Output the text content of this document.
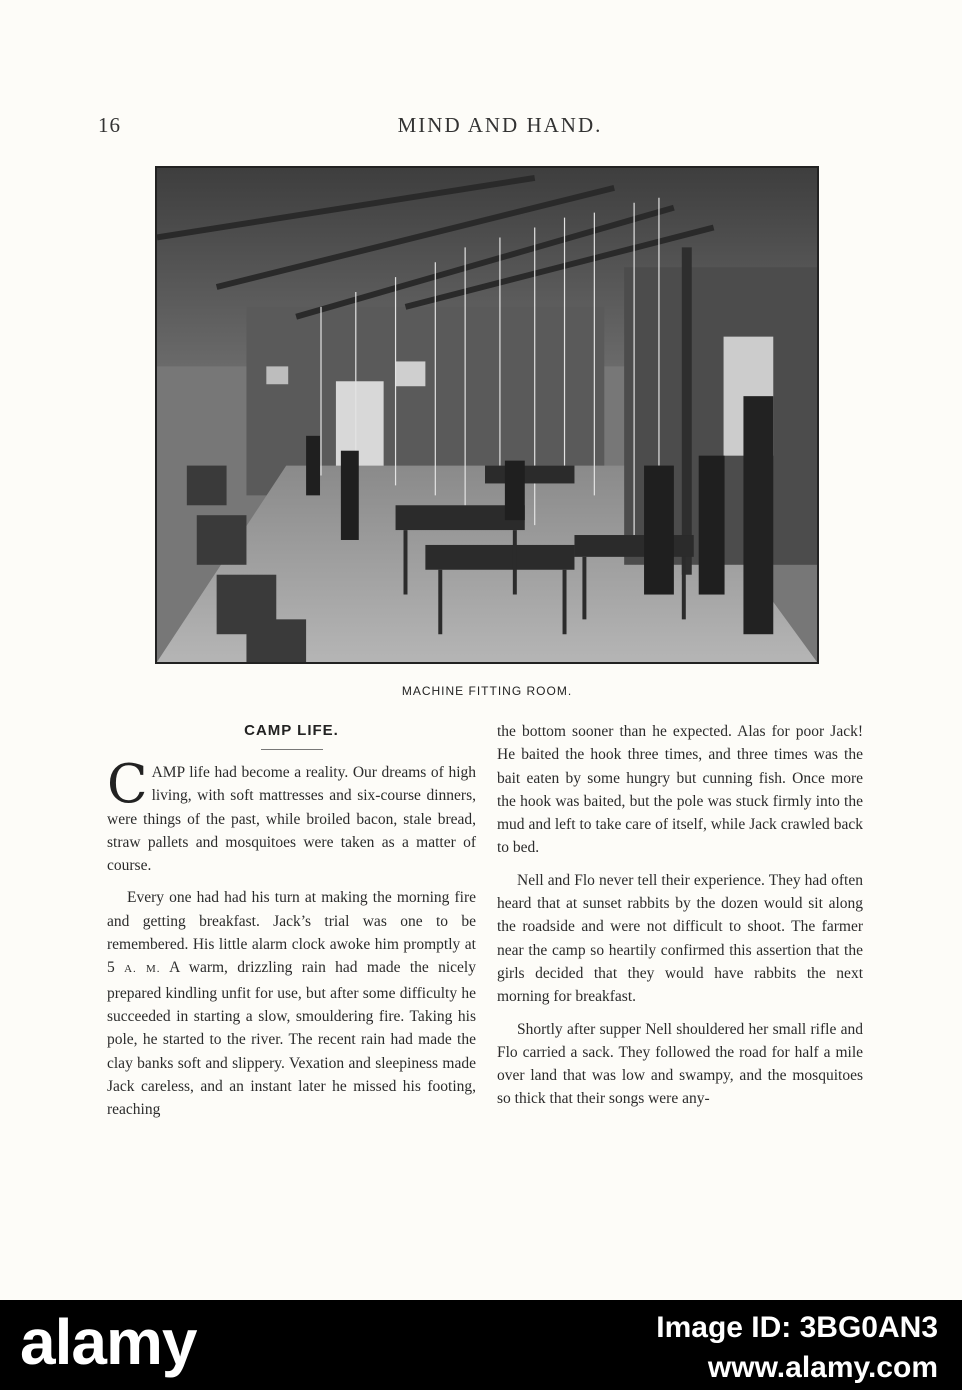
16	MIND AND HAND.
MACHINE FITTING ROOM.
CAMP LIFE.

CAMP life had become a reality. Our dreams of high living, with soft mattresses and six-course dinners, were things of the past, while broiled bacon, stale bread, straw pallets and mosquitoes were taken as a matter of course.

Every one had had his turn at making the morning fire and getting breakfast. Jack’s trial was one to be remembered. His little alarm clock awoke him promptly at 5 A. M. A warm, drizzling rain had made the nicely prepared kindling unfit for use, but after some difficulty he succeeded in starting a slow, smouldering fire. Taking his pole, he started to the river. The recent rain had made the clay banks soft and slippery. Vexation and sleepiness made Jack careless, and an instant later he missed his footing, reaching

the bottom sooner than he expected. Alas for poor Jack! He baited the hook three times, and three times was the bait eaten by some hungry but cunning fish. Once more the hook was baited, but the pole was stuck firmly into the mud and left to take care of itself, while Jack crawled back to bed.

Nell and Flo never tell their experience. They had often heard that at sunset rabbits by the dozen would sit along the roadside and were not difficult to shoot. The farmer near the camp so heartily confirmed this assertion that the girls decided that they would have rabbits the next morning for breakfast.

Shortly after supper Nell shouldered her small rifle and Flo carried a sack. They followed the road for half a mile over land that was low and swampy, and the mosquitoes so thick that their songs were any-

alamy	Image ID: 3BG0AN3
www.alamy.com
